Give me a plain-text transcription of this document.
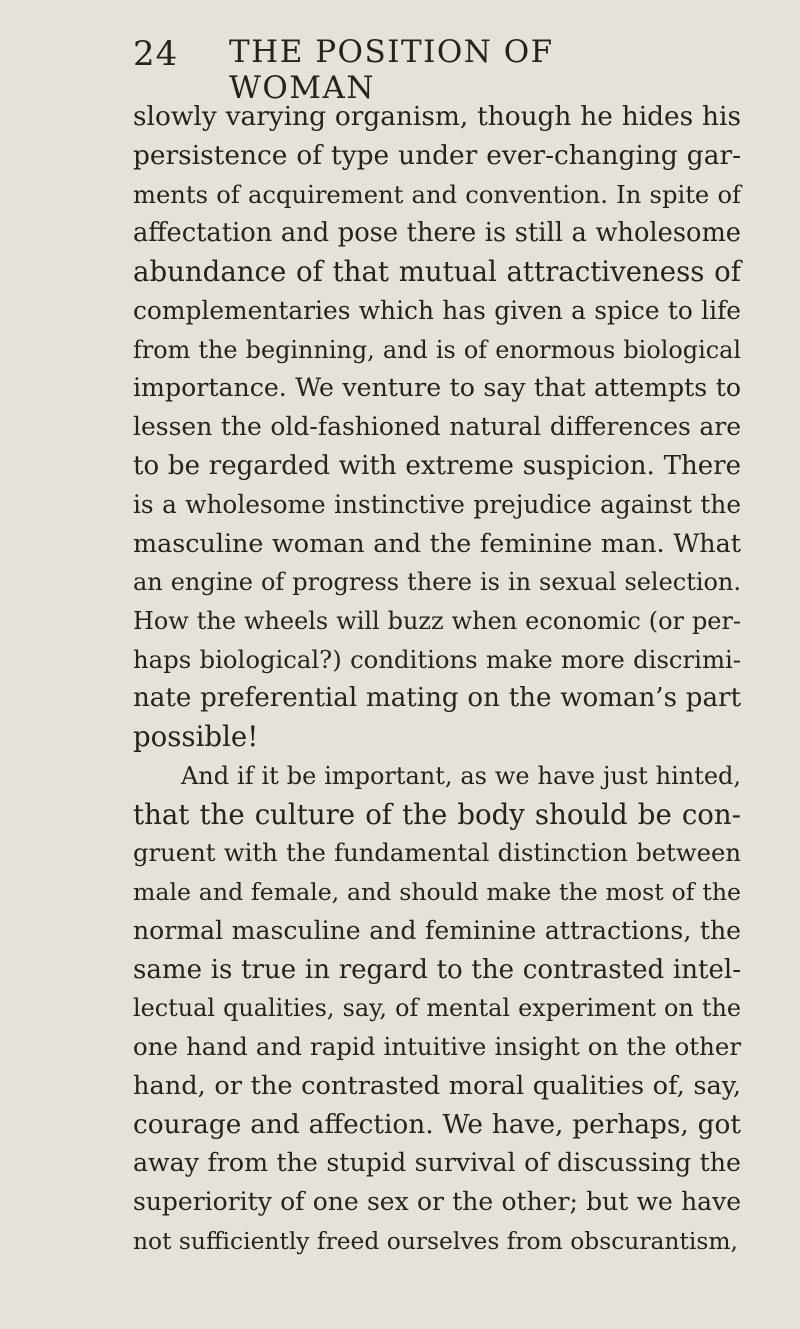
24 THE POSITION OF WOMAN
slowly varying organism, though he hides his
persistence of type under ever-changing gar-
ments of acquirement and convention. In spite of
affectation and pose there is still a wholesome
abundance of that mutual attractiveness of
complementaries which has given a spice to life
from the beginning, and is of enormous biological
importance. We venture to say that attempts to
lessen the old-fashioned natural differences are
to be regarded with extreme suspicion. There
is a wholesome instinctive prejudice against the
masculine woman and the feminine man. What
an engine of progress there is in sexual selection.
How the wheels will buzz when economic (or per-
haps biological?) conditions make more discrimi-
nate preferential mating on the woman’s part
possible!
And if it be important, as we have just hinted,
that the culture of the body should be con-
gruent with the fundamental distinction between
male and female, and should make the most of the
normal masculine and feminine attractions, the
same is true in regard to the contrasted intel-
lectual qualities, say, of mental experiment on the
one hand and rapid intuitive insight on the other
hand, or the contrasted moral qualities of, say,
courage and affection. We have, perhaps, got
away from the stupid survival of discussing the
superiority of one sex or the other; but we have
not sufficiently freed ourselves from obscurantism,
